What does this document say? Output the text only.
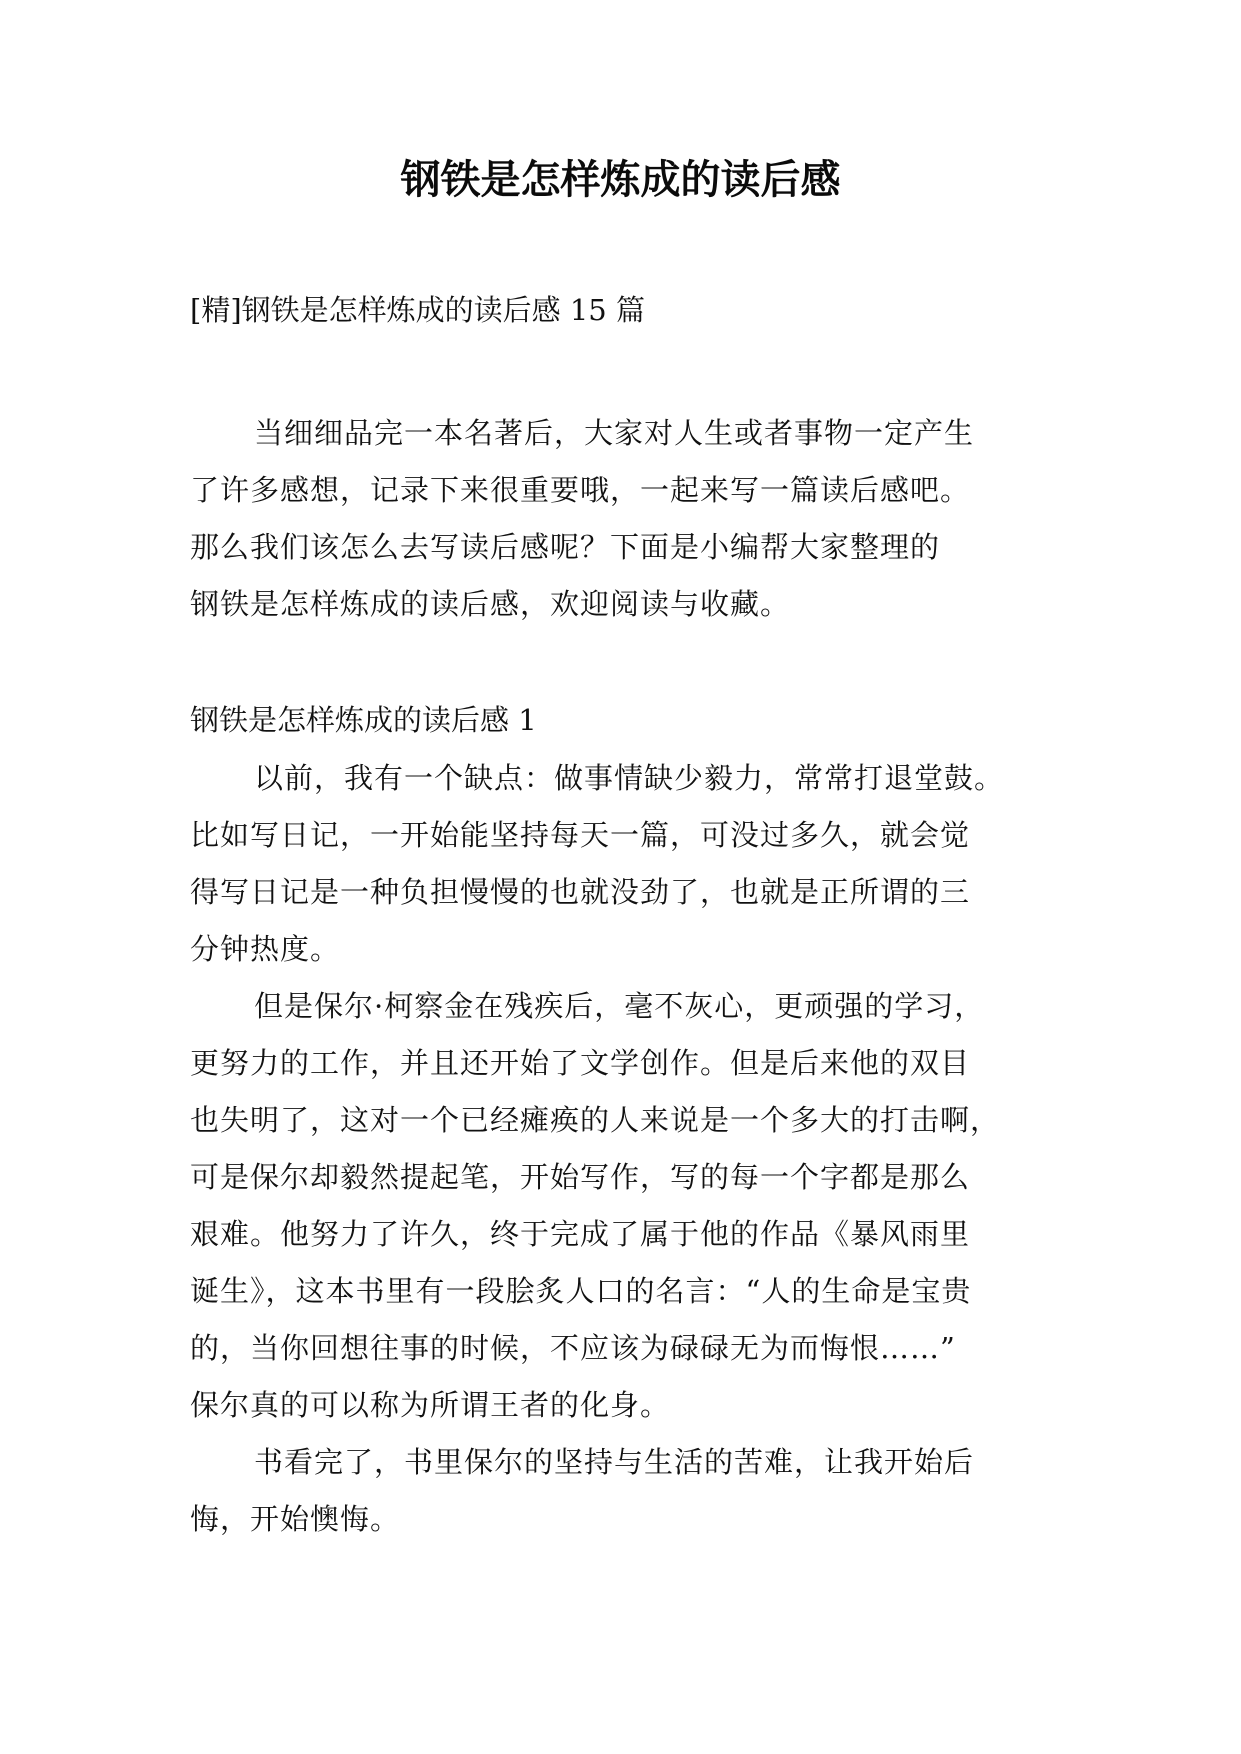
钢铁是怎样炼成的读后感
[精]钢铁是怎样炼成的读后感 15 篇
当细细品完一本名著后，大家对人生或者事物一定产生
了许多感想，记录下来很重要哦，一起来写一篇读后感吧。
那么我们该怎么去写读后感呢？下面是小编帮大家整理的
钢铁是怎样炼成的读后感，欢迎阅读与收藏。
钢铁是怎样炼成的读后感 1
以前，我有一个缺点：做事情缺少毅力，常常打退堂鼓。
比如写日记，一开始能坚持每天一篇，可没过多久，就会觉
得写日记是一种负担慢慢的也就没劲了，也就是正所谓的三
分钟热度。
但是保尔·柯察金在残疾后，毫不灰心，更顽强的学习，
更努力的工作，并且还开始了文学创作。但是后来他的双目
也失明了，这对一个已经瘫痪的人来说是一个多大的打击啊，
可是保尔却毅然提起笔，开始写作，写的每一个字都是那么
艰难。他努力了许久，终于完成了属于他的作品《暴风雨里
诞生》，这本书里有一段脍炙人口的名言：“人的生命是宝贵
的，当你回想往事的时候，不应该为碌碌无为而悔恨……”
保尔真的可以称为所谓王者的化身。
书看完了，书里保尔的坚持与生活的苦难，让我开始后
悔，开始懊悔。
